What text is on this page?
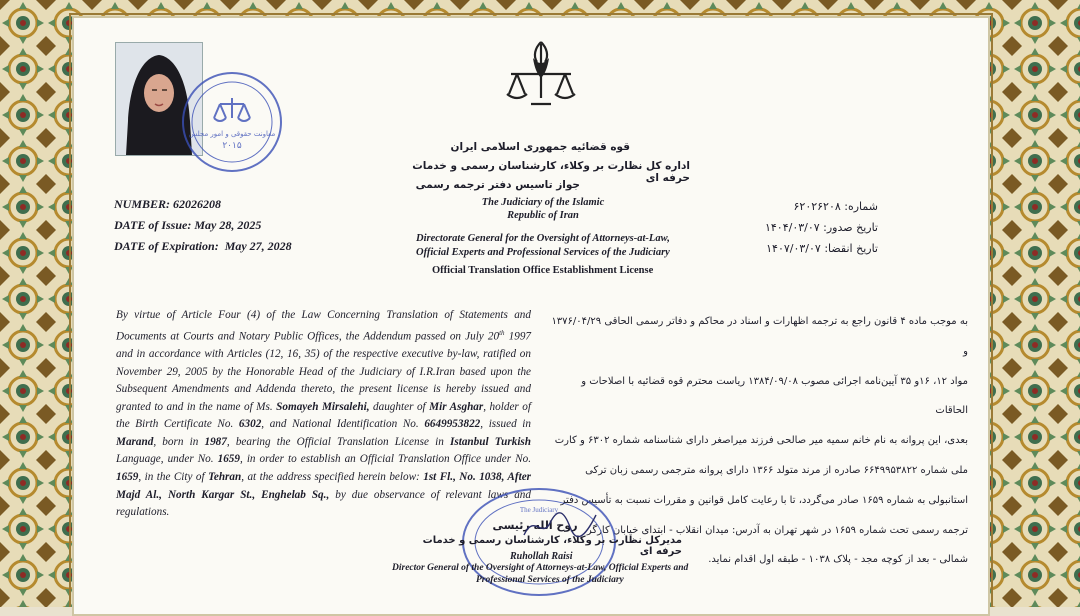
معاونت حقوقی و امور مجلس
۲۰۱۵	قوه قضائیه جمهوری اسلامی ایران
اداره کل نظارت بر وکلاء، کارشناسان رسمی و خدمات حرفه ای
جواز تاسیس دفتر ترجمه رسمی
The Judiciary of the Islamic
Republic of Iran
Directorate General for the Oversight of Attorneys-at-Law,
Official Experts and Professional Services of the Judiciary
Official Translation Office Establishment License
NUMBER: 62026208
DATE of Issue: May 28, 2025
DATE of Expiration: May 27, 2028
شماره: ۶۲۰۲۶۲۰۸
تاریخ صدور: ۱۴۰۴/۰۳/۰۷
تاریخ انقضا: ۱۴۰۷/۰۳/۰۷
By virtue of Article Four (4) of the Law Concerning Translation of Statements and Documents at Courts and Notary Public Offices, the Addendum passed on July 20th 1997 and in accordance with Articles (12, 16, 35) of the respective executive by-law, ratified on November 29, 2005 by the Honorable Head of the Judiciary of I.R.Iran based upon the Subsequent Amendments and Addenda thereto, the present license is hereby issued and granted to and in the name of Ms. Somayeh Mirsalehi, daughter of Mir Asghar, holder of the Birth Certificate No. 6302, and National Identification No. 6649953822, issued in Marand, born in 1987, bearing the Official Translation License in Istanbul Turkish Language, under No. 1659, in order to establish an Official Translation Office under No. 1659, in the City of Tehran, at the address specified herein below: 1st Fl., No. 1038, After Majd Al., North Kargar St., Enghelab Sq., by due observance of relevant laws and regulations.
به موجب ماده ۴ قانون راجع به ترجمه اظهارات و اسناد در محاکم و دفاتر رسمی الحاقی ۱۳۷۶/۰۴/۲۹ و
مواد ۱۲، ۱۶و ۳۵ آیین‌نامه اجرائی مصوب ۱۳۸۴/۰۹/۰۸ ریاست محترم قوه قضائیه با اصلاحات و الحاقات
بعدی، این پروانه به نام خانم سمیه میر صالحی فرزند میراصغر دارای شناسنامه شماره ۶۳۰۲ و کارت
ملی شماره ۶۶۴۹۹۵۳۸۲۲ صادره از مرند متولد ۱۳۶۶ دارای پروانه مترجمی رسمی زبان ترکی
استانبولی به شماره ۱۶۵۹ صادر می‌گردد، تا با رعایت کامل قوانین و مقررات نسبت به تأسیس دفتر
ترجمه رسمی تحت شماره ۱۶۵۹ در شهر تهران به آدرس: میدان انقلاب - ابتدای خیابان کارگر
شمالی - بعد از کوچه مجد - پلاک ۱۰۳۸ - طبقه اول اقدام نماید.
The Judiciary
روح الله رئیسی
مدیرکل نظارت بر وکلاء، کارشناسان رسمی و خدمات حرفه ای
Ruhollah Raisi
Director General of the Oversight of Attorneys-at-Law, Official Experts and
Professional Services of the Judiciary
